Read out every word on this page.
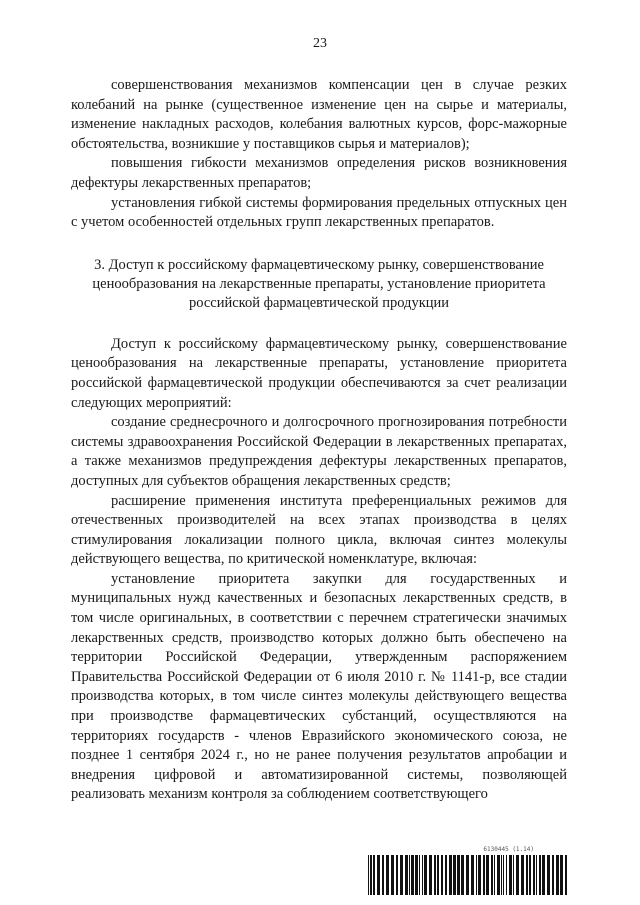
23

совершенствования механизмов компенсации цен в случае резких колебаний на рынке (существенное изменение цен на сырье и материалы, изменение накладных расходов, колебания валютных курсов, форс-мажорные обстоятельства, возникшие у поставщиков сырья и материалов);

повышения гибкости механизмов определения рисков возникновения дефектуры лекарственных препаратов;

установления гибкой системы формирования предельных отпускных цен с учетом особенностей отдельных групп лекарственных препаратов.

3. Доступ к российскому фармацевтическому рынку, совершенствование ценообразования на лекарственные препараты, установление приоритета российской фармацевтической продукции

Доступ к российскому фармацевтическому рынку, совершенствование ценообразования на лекарственные препараты, установление приоритета российской фармацевтической продукции обеспечиваются за счет реализации следующих мероприятий:

создание среднесрочного и долгосрочного прогнозирования потребности системы здравоохранения Российской Федерации в лекарственных препаратах, а также механизмов предупреждения дефектуры лекарственных препаратов, доступных для субъектов обращения лекарственных средств;

расширение применения института преференциальных режимов для отечественных производителей на всех этапах производства в целях стимулирования локализации полного цикла, включая синтез молекулы действующего вещества, по критической номенклатуре, включая:

установление приоритета закупки для государственных и муниципальных нужд качественных и безопасных лекарственных средств, в том числе оригинальных, в соответствии с перечнем стратегически значимых лекарственных средств, производство которых должно быть обеспечено на территории Российской Федерации, утвержденным распоряжением Правительства Российской Федерации от 6 июля 2010 г. № 1141-р, все стадии производства которых, в том числе синтез молекулы действующего вещества при производстве фармацевтических субстанций, осуществляются на территориях государств - членов Евразийского экономического союза, не позднее 1 сентября 2024 г., но не ранее получения результатов апробации и внедрения цифровой и автоматизированной системы, позволяющей реализовать механизм контроля за соблюдением соответствующего

6130445 (1.14)
